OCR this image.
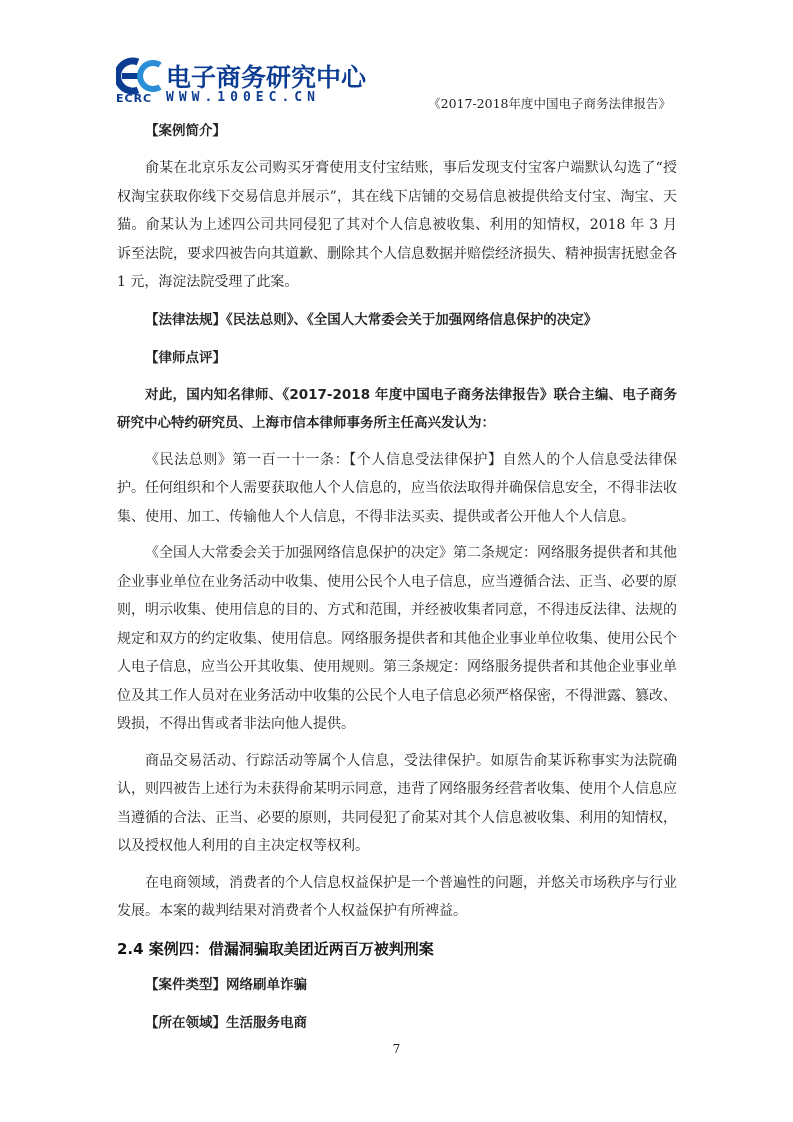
电子商务研究中心
ECRC WWW.100EC.CN	《2017-2018年度中国电子商务法律报告》

【案例简介】

俞某在北京乐友公司购买牙膏使用支付宝结账，事后发现支付宝客户端默认勾选了“授权淘宝获取你线下交易信息并展示”，其在线下店铺的交易信息被提供给支付宝、淘宝、天猫。俞某认为上述四公司共同侵犯了其对个人信息被收集、利用的知情权，2018 年 3 月诉至法院，要求四被告向其道歉、删除其个人信息数据并赔偿经济损失、精神损害抚慰金各 1 元，海淀法院受理了此案。

【法律法规】《民法总则》、《全国人大常委会关于加强网络信息保护的决定》

【律师点评】

对此，国内知名律师、《2017-2018 年度中国电子商务法律报告》联合主编、电子商务研究中心特约研究员、上海市信本律师事务所主任高兴发认为：

《民法总则》第一百一十一条：【个人信息受法律保护】自然人的个人信息受法律保护。任何组织和个人需要获取他人个人信息的，应当依法取得并确保信息安全，不得非法收集、使用、加工、传输他人个人信息，不得非法买卖、提供或者公开他人个人信息。

《全国人大常委会关于加强网络信息保护的决定》第二条规定：网络服务提供者和其他企业事业单位在业务活动中收集、使用公民个人电子信息，应当遵循合法、正当、必要的原则，明示收集、使用信息的目的、方式和范围，并经被收集者同意，不得违反法律、法规的规定和双方的约定收集、使用信息。网络服务提供者和其他企业事业单位收集、使用公民个人电子信息，应当公开其收集、使用规则。第三条规定：网络服务提供者和其他企业事业单位及其工作人员对在业务活动中收集的公民个人电子信息必须严格保密，不得泄露、篡改、毁损，不得出售或者非法向他人提供。

商品交易活动、行踪活动等属个人信息，受法律保护。如原告俞某诉称事实为法院确认，则四被告上述行为未获得俞某明示同意，违背了网络服务经营者收集、使用个人信息应当遵循的合法、正当、必要的原则，共同侵犯了俞某对其个人信息被收集、利用的知情权，以及授权他人利用的自主决定权等权利。

在电商领域，消费者的个人信息权益保护是一个普遍性的问题，并悠关市场秩序与行业发展。本案的裁判结果对消费者个人权益保护有所裨益。

2.4 案例四：借漏洞骗取美团近两百万被判刑案

【案件类型】网络刷单诈骗

【所在领域】生活服务电商

7
